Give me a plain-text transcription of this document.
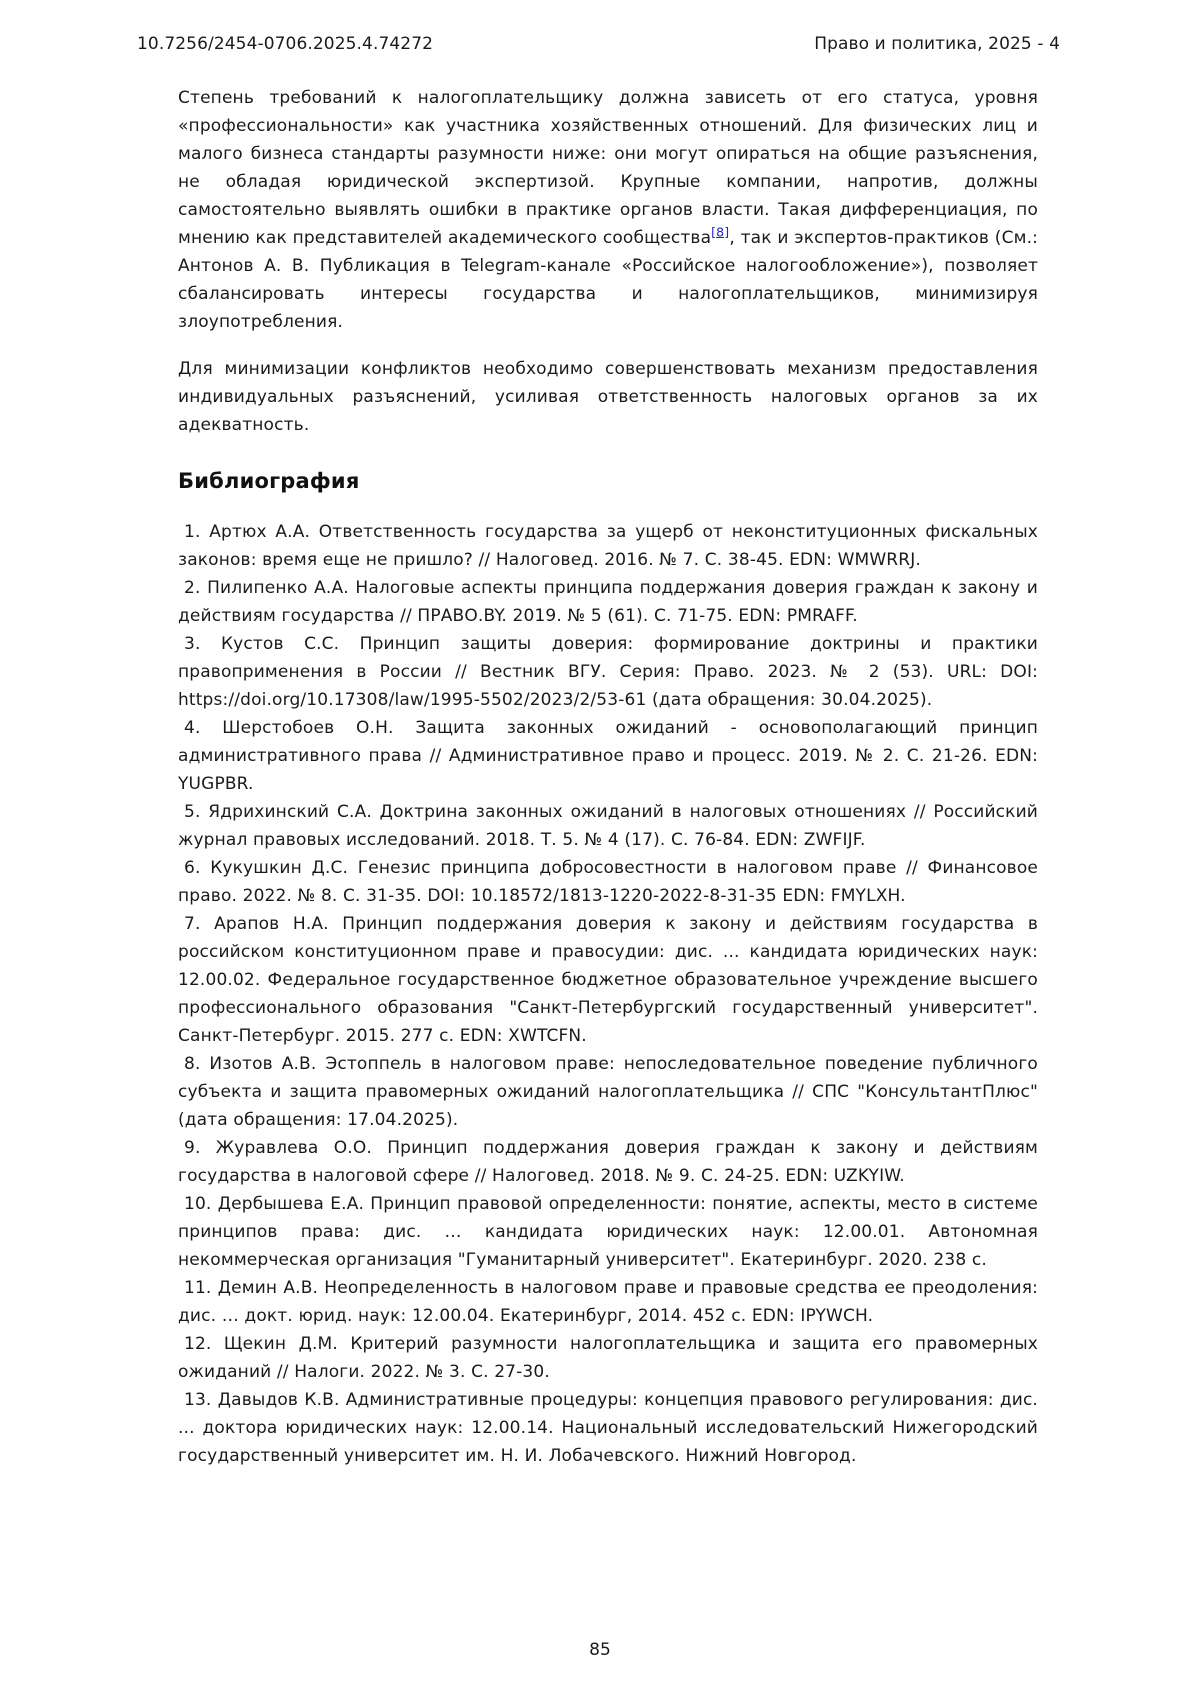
10.7256/2454-0706.2025.4.74272	Право и политика, 2025 - 4

Степень требований к налогоплательщику должна зависеть от его статуса, уровня «профессиональности» как участника хозяйственных отношений. Для физических лиц и малого бизнеса стандарты разумности ниже: они могут опираться на общие разъяснения, не обладая юридической экспертизой. Крупные компании, напротив, должны самостоятельно выявлять ошибки в практике органов власти. Такая дифференциация, по мнению как представителей академического сообщества[8], так и экспертов-практиков (См.: Антонов А. В. Публикация в Telegram-канале «Российское налогообложение»), позволяет сбалансировать интересы государства и налогоплательщиков, минимизируя злоупотребления.

Для минимизации конфликтов необходимо совершенствовать механизм предоставления индивидуальных разъяснений, усиливая ответственность налоговых органов за их адекватность.

Библиография
1. Артюх А.А. Ответственность государства за ущерб от неконституционных фискальных законов: время еще не пришло? // Налоговед. 2016. № 7. С. 38-45. EDN: WMWRRJ.
2. Пилипенко А.А. Налоговые аспекты принципа поддержания доверия граждан к закону и действиям государства // ПРАВО.BY. 2019. № 5 (61). С. 71-75. EDN: PMRAFF.
3. Кустов С.С. Принцип защиты доверия: формирование доктрины и практики правоприменения в России // Вестник ВГУ. Серия: Право. 2023. № 2 (53). URL: DOI: https://doi.org/10.17308/law/1995-5502/2023/2/53-61 (дата обращения: 30.04.2025).
4. Шерстобоев О.Н. Защита законных ожиданий - основополагающий принцип административного права // Административное право и процесс. 2019. № 2. С. 21-26. EDN: YUGPBR.
5. Ядрихинский С.А. Доктрина законных ожиданий в налоговых отношениях // Российский журнал правовых исследований. 2018. Т. 5. № 4 (17). С. 76-84. EDN: ZWFIJF.
6. Кукушкин Д.С. Генезис принципа добросовестности в налоговом праве // Финансовое право. 2022. № 8. С. 31-35. DOI: 10.18572/1813-1220-2022-8-31-35 EDN: FMYLXH.
7. Арапов Н.А. Принцип поддержания доверия к закону и действиям государства в российском конституционном праве и правосудии: дис. ... кандидата юридических наук: 12.00.02. Федеральное государственное бюджетное образовательное учреждение высшего профессионального образования "Санкт-Петербургский государственный университет". Санкт-Петербург. 2015. 277 с. EDN: XWTCFN.
8. Изотов А.В. Эстоппель в налоговом праве: непоследовательное поведение публичного субъекта и защита правомерных ожиданий налогоплательщика // СПС "КонсультантПлюс" (дата обращения: 17.04.2025).
9. Журавлева О.О. Принцип поддержания доверия граждан к закону и действиям государства в налоговой сфере // Налоговед. 2018. № 9. С. 24-25. EDN: UZKYIW.
10. Дербышева Е.А. Принцип правовой определенности: понятие, аспекты, место в системе принципов права: дис. … кандидата юридических наук: 12.00.01. Автономная некоммерческая организация "Гуманитарный университет". Екатеринбург. 2020. 238 с.
11. Демин А.В. Неопределенность в налоговом праве и правовые средства ее преодоления: дис. … докт. юрид. наук: 12.00.04. Екатеринбург, 2014. 452 с. EDN: IPYWCH.
12. Щекин Д.М. Критерий разумности налогоплательщика и защита его правомерных ожиданий // Налоги. 2022. № 3. С. 27-30.
13. Давыдов К.В. Административные процедуры: концепция правового регулирования: дис. ... доктора юридических наук: 12.00.14. Национальный исследовательский Нижегородский государственный университет им. Н. И. Лобачевского. Нижний Новгород.
85
